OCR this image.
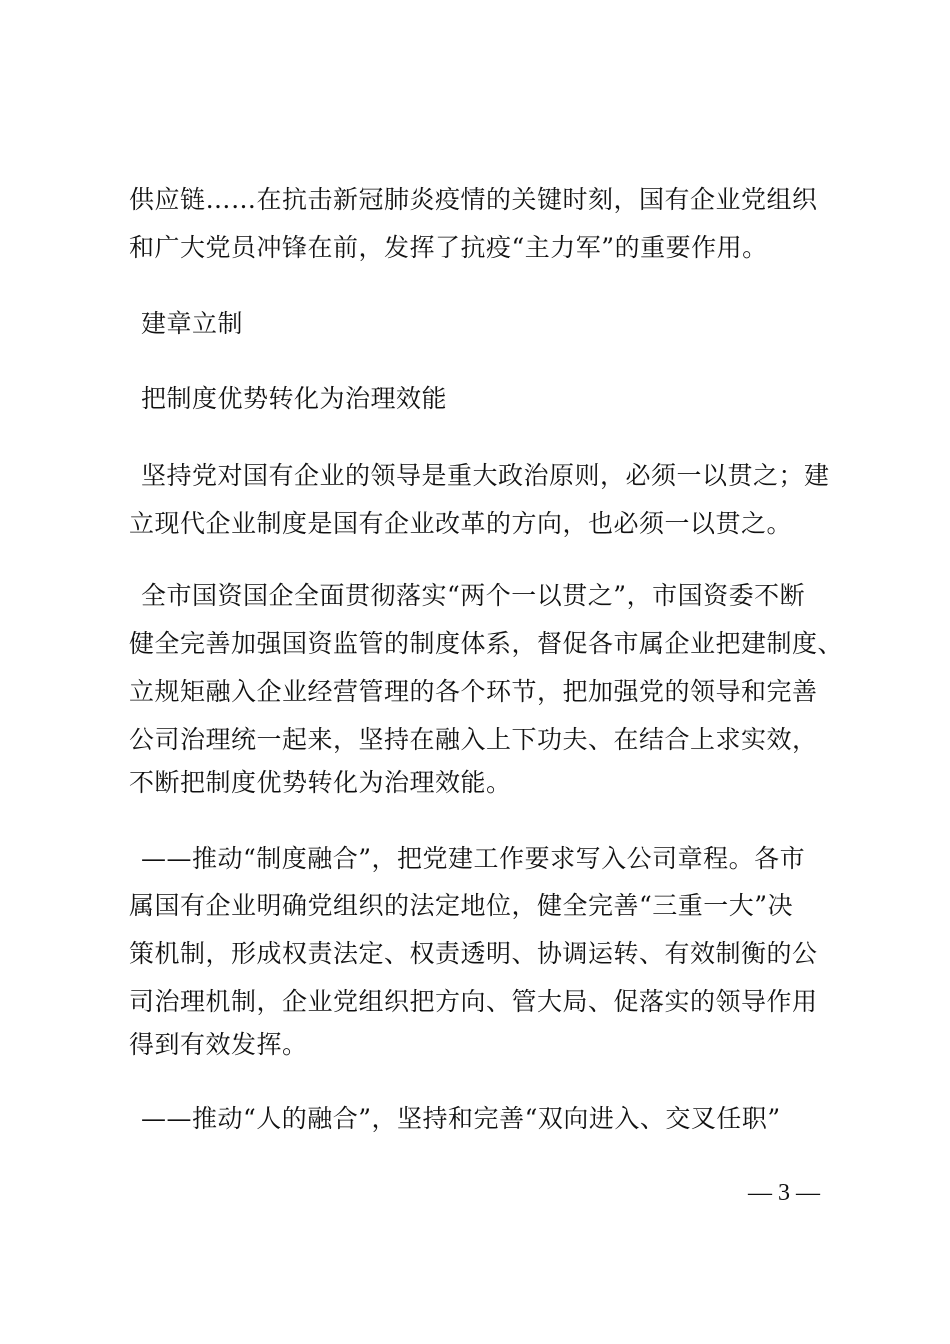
供应链……在抗击新冠肺炎疫情的关键时刻，国有企业党组织
和广大党员冲锋在前，发挥了抗疫“主力军”的重要作用。
建章立制
把制度优势转化为治理效能
坚持党对国有企业的领导是重大政治原则，必须一以贯之；建
立现代企业制度是国有企业改革的方向，也必须一以贯之。
全市国资国企全面贯彻落实“两个一以贯之”，市国资委不断
健全完善加强国资监管的制度体系，督促各市属企业把建制度、
立规矩融入企业经营管理的各个环节，把加强党的领导和完善
公司治理统一起来，坚持在融入上下功夫、在结合上求实效，
不断把制度优势转化为治理效能。
——推动“制度融合”，把党建工作要求写入公司章程。各市
属国有企业明确党组织的法定地位，健全完善“三重一大”决
策机制，形成权责法定、权责透明、协调运转、有效制衡的公
司治理机制，企业党组织把方向、管大局、促落实的领导作用
得到有效发挥。
——推动“人的融合”，坚持和完善“双向进入、交叉任职”
— 3 —
